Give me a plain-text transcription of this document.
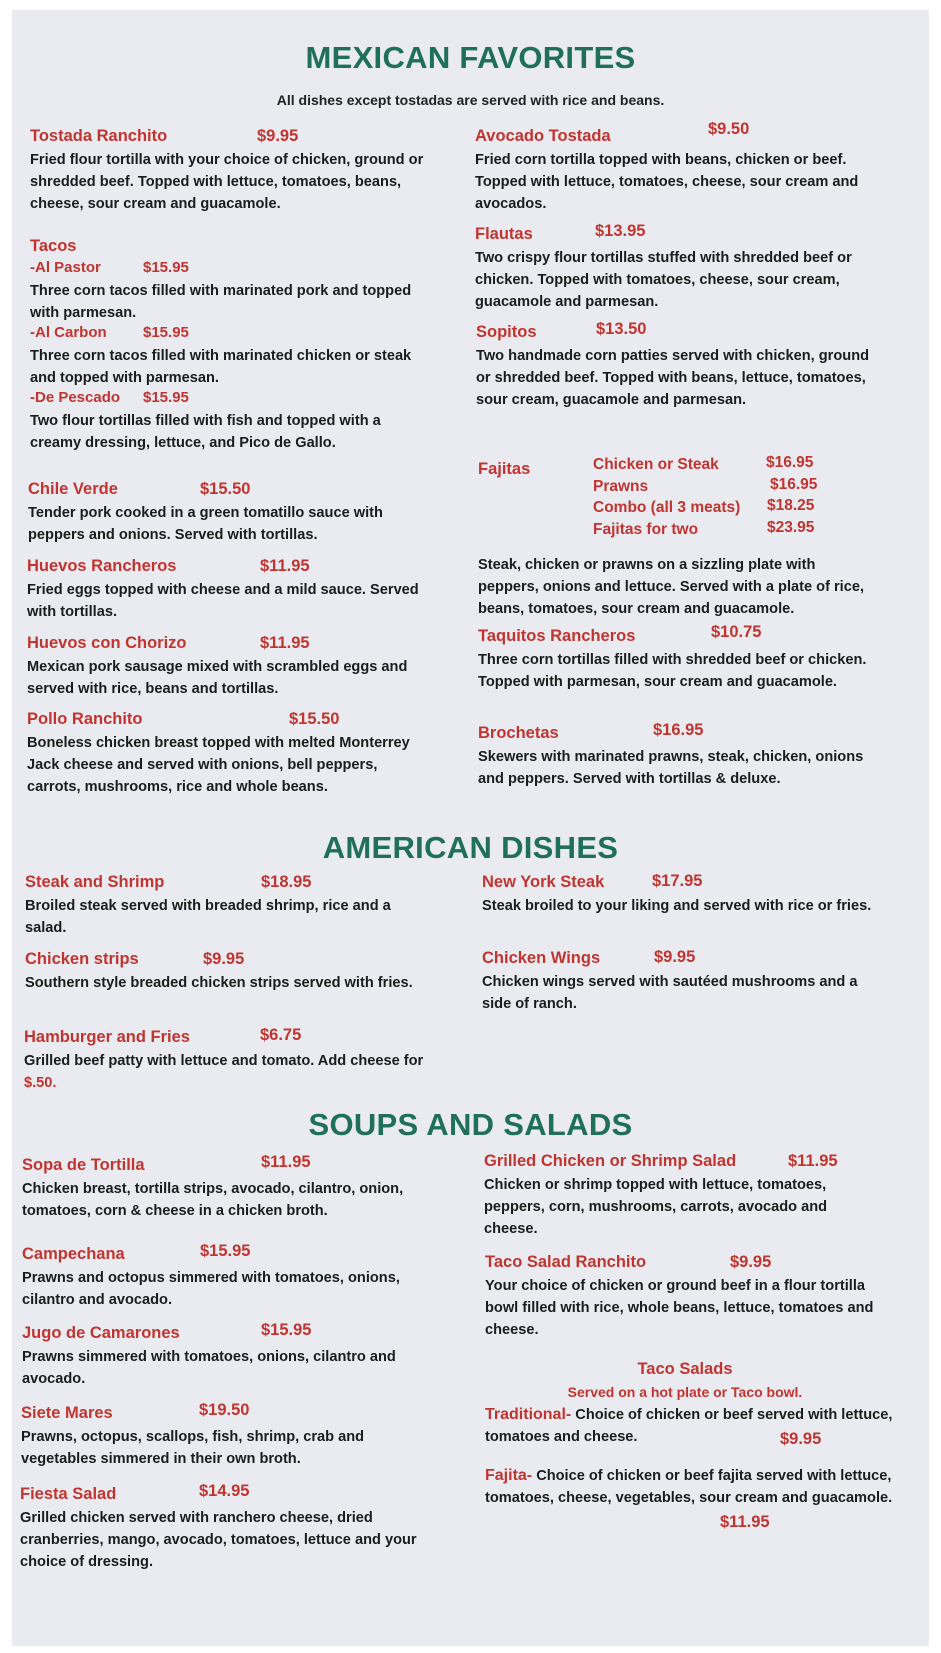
MEXICAN FAVORITES
All dishes except tostadas are served with rice and beans.
Tostada Ranchito	$9.95
Fried flour tortilla with your choice of chicken, ground or shredded beef. Topped with lettuce, tomatoes, beans, cheese, sour cream and guacamole.
Tacos
-Al Pastor	$15.95
Three corn tacos filled with marinated pork and topped with parmesan.
-Al Carbon $15.95
Three corn tacos filled with marinated chicken or steak and topped with parmesan.
-De Pescado $15.95
Two flour tortillas filled with fish and topped with a creamy dressing, lettuce, and Pico de Gallo.
Chile Verde	$15.50
Tender pork cooked in a green tomatillo sauce with peppers and onions. Served with tortillas.
Huevos Rancheros	$11.95
Fried eggs topped with cheese and a mild sauce. Served with tortillas.
Huevos con Chorizo	$11.95
Mexican pork sausage mixed with scrambled eggs and served with rice, beans and tortillas.
Pollo Ranchito	$15.50
Boneless chicken breast topped with melted Monterrey Jack cheese and served with onions, bell peppers, carrots, mushrooms, rice and whole beans.
Avocado Tostada	$9.50
Fried corn tortilla topped with beans, chicken or beef. Topped with lettuce, tomatoes, cheese, sour cream and avocados.
Flautas	$13.95
Two crispy flour tortillas stuffed with shredded beef or chicken. Topped with tomatoes, cheese, sour cream, guacamole and parmesan.
Sopitos	$13.50
Two handmade corn patties served with chicken, ground or shredded beef. Topped with beans, lettuce, tomatoes, sour cream, guacamole and parmesan.
Fajitas	Chicken or Steak	$16.95
Prawns	$16.95
Combo (all 3 meats) $18.25
Fajitas for two	$23.95
Steak, chicken or prawns on a sizzling plate with peppers, onions and lettuce. Served with a plate of rice, beans, tomatoes, sour cream and guacamole.
Taquitos Rancheros	$10.75
Three corn tortillas filled with shredded beef or chicken. Topped with parmesan, sour cream and guacamole.
Brochetas	$16.95
Skewers with marinated prawns, steak, chicken, onions and peppers. Served with tortillas & deluxe.
AMERICAN DISHES
Steak and Shrimp	$18.95
Broiled steak served with breaded shrimp, rice and a salad.
Chicken strips	$9.95
Southern style breaded chicken strips served with fries.
Hamburger and Fries	$6.75
Grilled beef patty with lettuce and tomato. Add cheese for $.50.
New York Steak	$17.95
Steak broiled to your liking and served with rice or fries.
Chicken Wings	$9.95
Chicken wings served with sautéed mushrooms and a side of ranch.
SOUPS AND SALADS
Sopa de Tortilla	$11.95
Chicken breast, tortilla strips, avocado, cilantro, onion, tomatoes, corn & cheese in a chicken broth.
Campechana	$15.95
Prawns and octopus simmered with tomatoes, onions, cilantro and avocado.
Jugo de Camarones	$15.95
Prawns simmered with tomatoes, onions, cilantro and avocado.
Siete Mares	$19.50
Prawns, octopus, scallops, fish, shrimp, crab and vegetables simmered in their own broth.
Fiesta Salad	$14.95
Grilled chicken served with ranchero cheese, dried cranberries, mango, avocado, tomatoes, lettuce and your choice of dressing.
Grilled Chicken or Shrimp Salad	$11.95
Chicken or shrimp topped with lettuce, tomatoes, peppers, corn, mushrooms, carrots, avocado and cheese.
Taco Salad Ranchito	$9.95
Your choice of chicken or ground beef in a flour tortilla bowl filled with rice, whole beans, lettuce, tomatoes and cheese.
Taco Salads
Served on a hot plate or Taco bowl.
Traditional- Choice of chicken or beef served with lettuce, tomatoes and cheese.	$9.95
Fajita- Choice of chicken or beef fajita served with lettuce, tomatoes, cheese, vegetables, sour cream and guacamole.
$11.95
